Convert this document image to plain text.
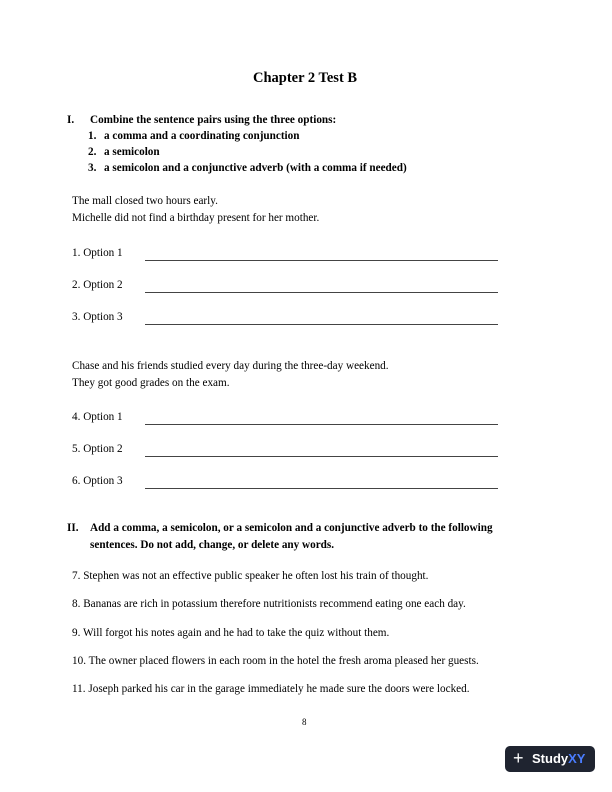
Chapter 2 Test B
I. Combine the sentence pairs using the three options:
1. a comma and a coordinating conjunction
2. a semicolon
3. a semicolon and a conjunctive adverb (with a comma if needed)
The mall closed two hours early.
Michelle did not find a birthday present for her mother.
1. Option 1
2. Option 2
3. Option 3
Chase and his friends studied every day during the three-day weekend.
They got good grades on the exam.
4. Option 1
5. Option 2
6. Option 3
II. Add a comma, a semicolon, or a semicolon and a conjunctive adverb to the following
sentences. Do not add, change, or delete any words.
7. Stephen was not an effective public speaker he often lost his train of thought.
8. Bananas are rich in potassium therefore nutritionists recommend eating one each day.
9. Will forgot his notes again and he had to take the quiz without them.
10. The owner placed flowers in each room in the hotel the fresh aroma pleased her guests.
11. Joseph parked his car in the garage immediately he made sure the doors were locked.
8
+ StudyXY
